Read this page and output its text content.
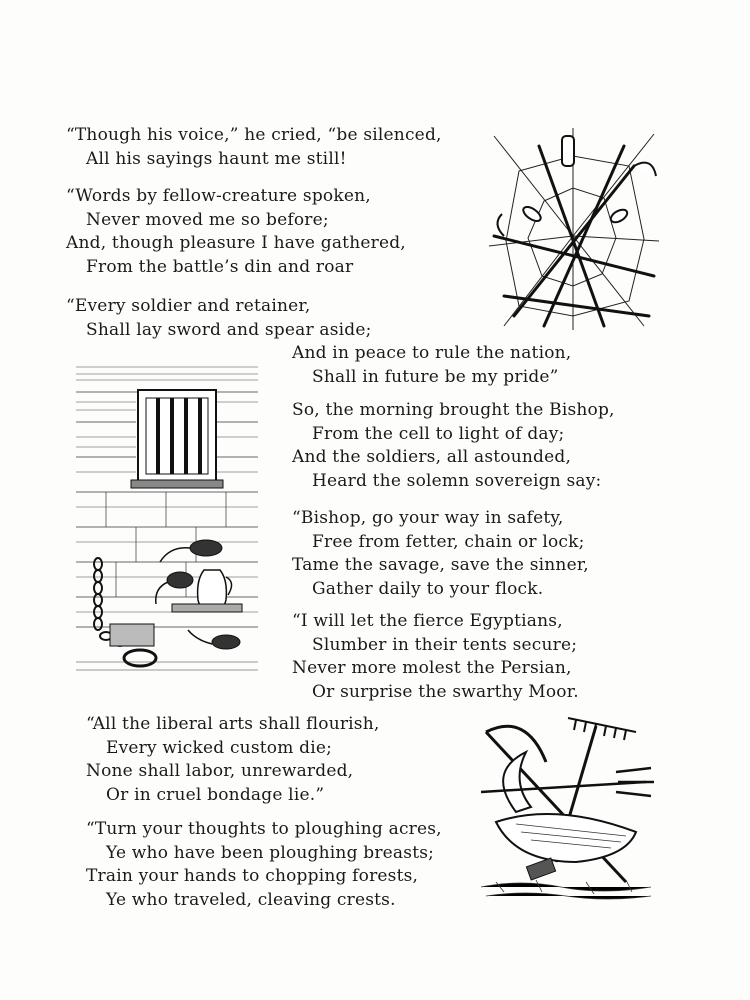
“Though his voice,” he cried, “be silenced,
All his sayings haunt me still!
“Words by fellow-creature spoken,
Never moved me so before;
And, though pleasure I have gathered,
From the battle’s din and roar
“Every soldier and retainer,
Shall lay sword and spear aside;
And in peace to rule the nation,
Shall in future be my pride”
So, the morning brought the Bishop,
From the cell to light of day;
And the soldiers, all astounded,
Heard the solemn sovereign say:
“Bishop, go your way in safety,
Free from fetter, chain or lock;
Tame the savage, save the sinner,
Gather daily to your flock.
“I will let the fierce Egyptians,
Slumber in their tents secure;
Never more molest the Persian,
Or surprise the swarthy Moor.
“All the liberal arts shall flourish,
Every wicked custom die;
None shall labor, unrewarded,
Or in cruel bondage lie.”
“Turn your thoughts to ploughing acres,
Ye who have been ploughing breasts;
Train your hands to chopping forests,
Ye who traveled, cleaving crests.
